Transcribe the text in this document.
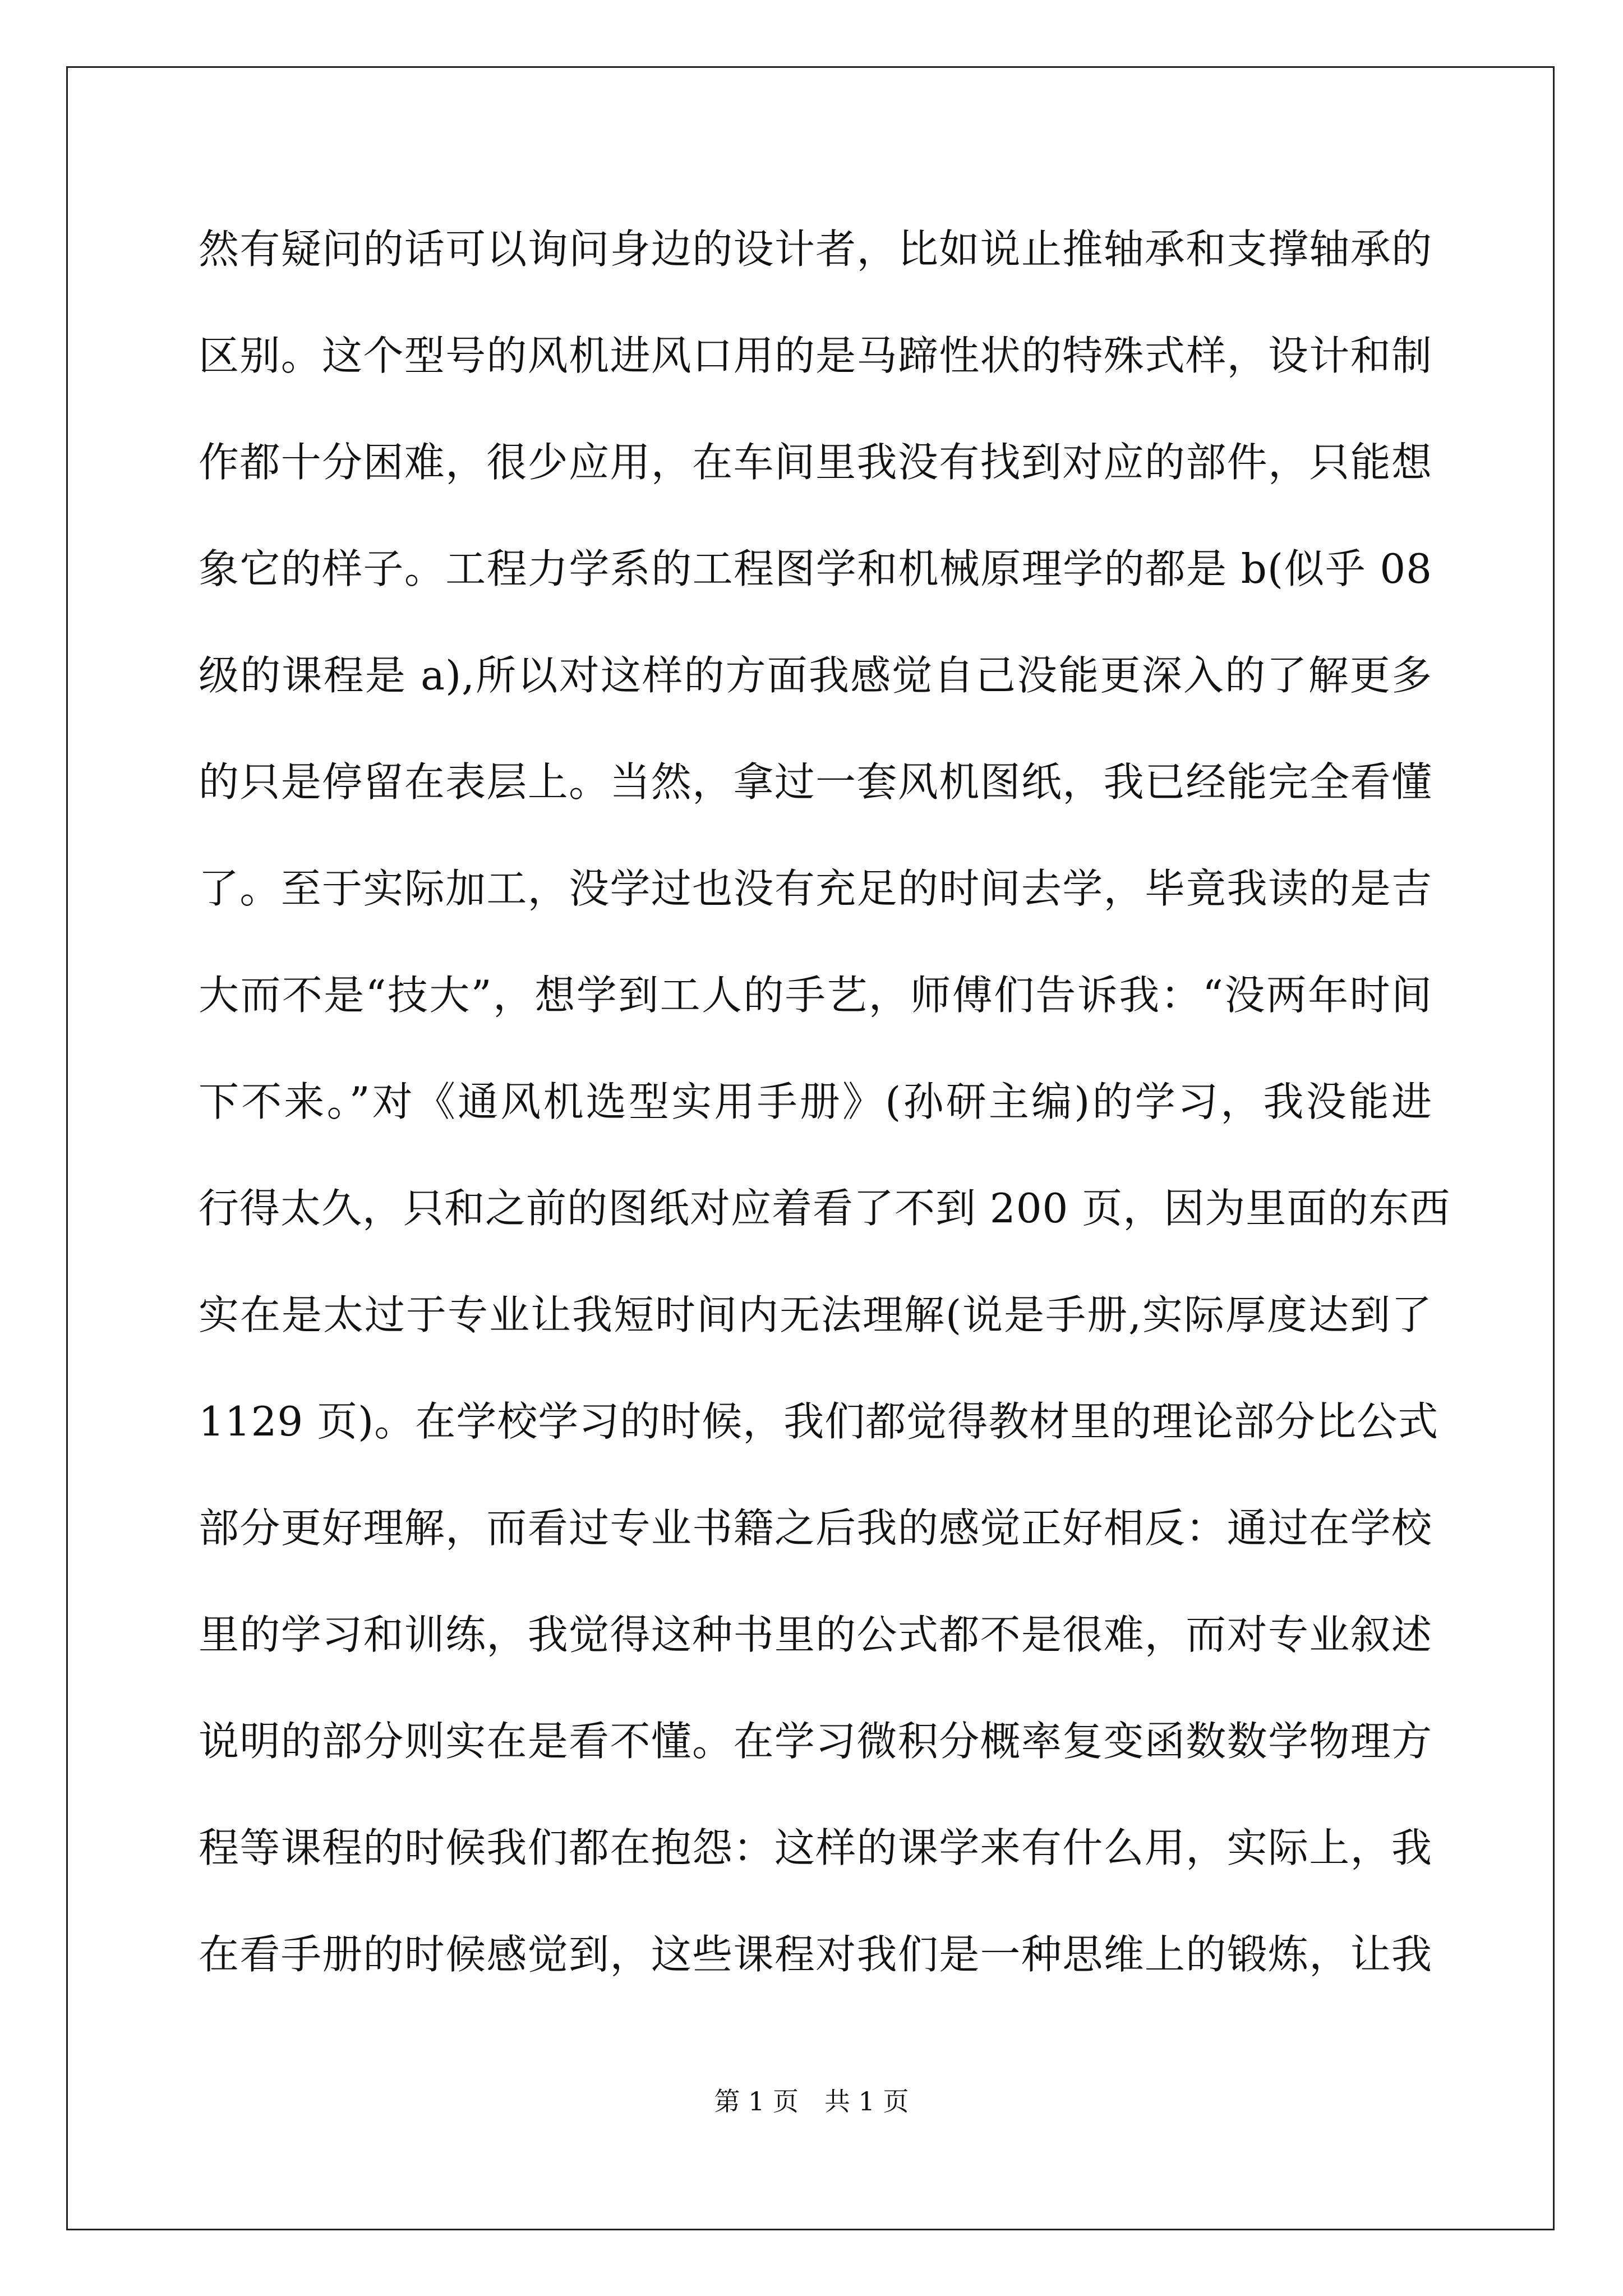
然有疑问的话可以询问身边的设计者，比如说止推轴承和支撑轴承的
区别。这个型号的风机进风口用的是马蹄性状的特殊式样，设计和制
作都十分困难，很少应用，在车间里我没有找到对应的部件，只能想
象它的样子。工程力学系的工程图学和机械原理学的都是 b(似乎 08
级的课程是 a),所以对这样的方面我感觉自己没能更深入的了解更多
的只是停留在表层上。当然，拿过一套风机图纸，我已经能完全看懂
了。至于实际加工，没学过也没有充足的时间去学，毕竟我读的是吉
大而不是“技大”，想学到工人的手艺，师傅们告诉我：“没两年时间
下不来。”对《通风机选型实用手册》(孙研主编)的学习，我没能进
行得太久，只和之前的图纸对应着看了不到 200 页，因为里面的东西
实在是太过于专业让我短时间内无法理解(说是手册,实际厚度达到了
1129 页)。在学校学习的时候，我们都觉得教材里的理论部分比公式
部分更好理解，而看过专业书籍之后我的感觉正好相反：通过在学校
里的学习和训练，我觉得这种书里的公式都不是很难，而对专业叙述
说明的部分则实在是看不懂。在学习微积分概率复变函数数学物理方
程等课程的时候我们都在抱怨：这样的课学来有什么用，实际上，我
在看手册的时候感觉到，这些课程对我们是一种思维上的锻炼，让我
第 1 页　共 1 页
